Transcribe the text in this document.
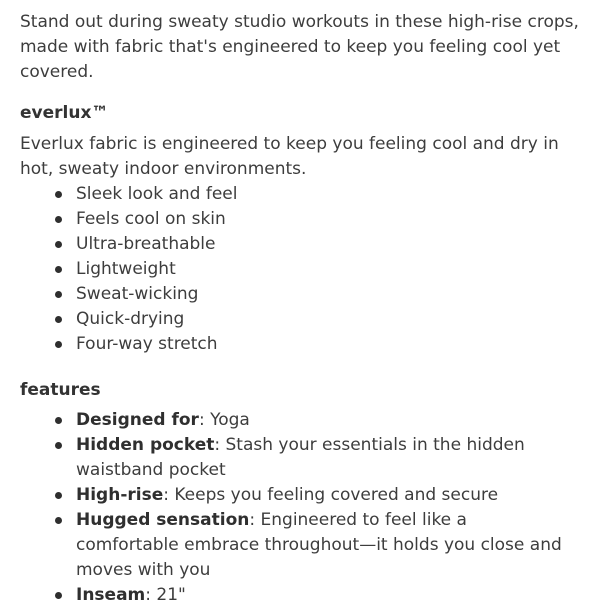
Stand out during sweaty studio workouts in these high-rise crops, made with fabric that's engineered to keep you feeling cool yet covered.

everlux™

Everlux fabric is engineered to keep you feeling cool and dry in hot, sweaty indoor environments.

Sleek look and feel
Feels cool on skin
Ultra-breathable
Lightweight
Sweat-wicking
Quick-drying
Four-way stretch
features
Designed for: Yoga
Hidden pocket: Stash your essentials in the hidden waistband pocket
High-rise: Keeps you feeling covered and secure
Hugged sensation: Engineered to feel like a comfortable embrace throughout—it holds you close and moves with you
Inseam: 21"
